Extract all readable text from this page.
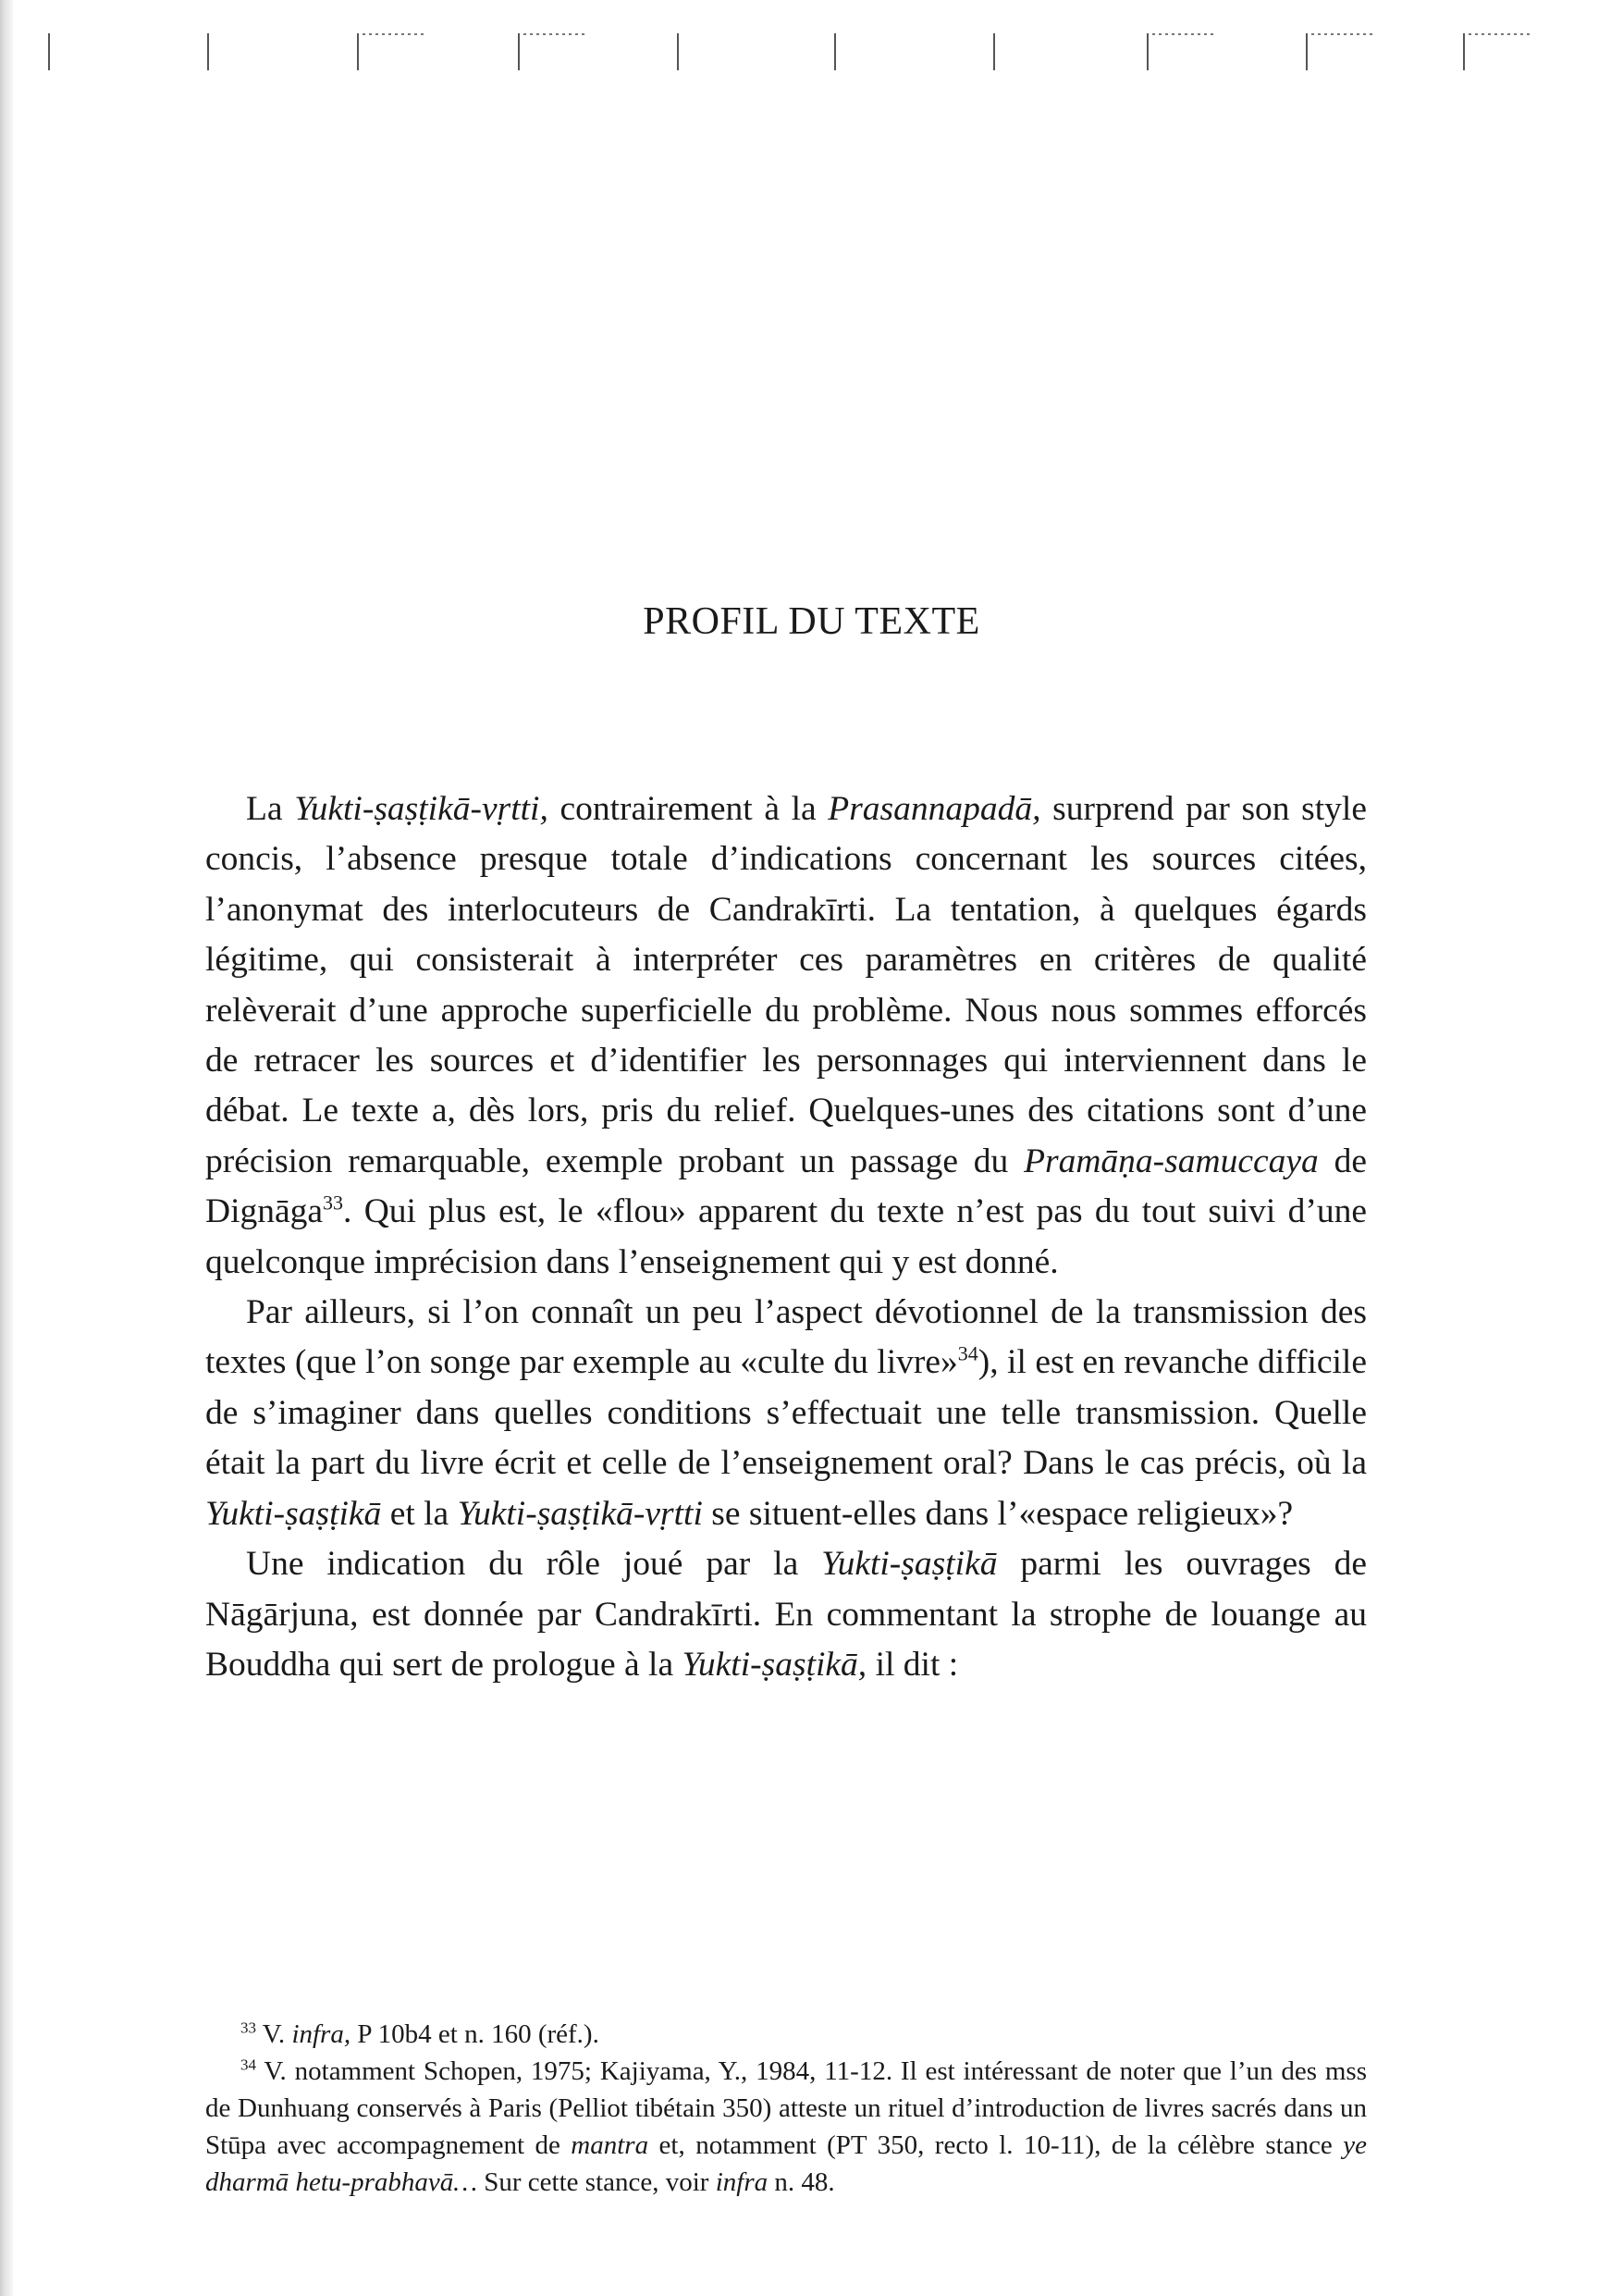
PROFIL DU TEXTE

La Yukti-ṣaṣṭikā-vṛtti, contrairement à la Prasannapadā, surprend par son style concis, l’absence presque totale d’indications concernant les sources citées, l’anonymat des interlocuteurs de Candrakīrti. La tentation, à quelques égards légitime, qui consisterait à interpréter ces paramètres en critères de qualité relèverait d’une approche superficielle du problème. Nous nous sommes efforcés de retracer les sources et d’identifier les personnages qui interviennent dans le débat. Le texte a, dès lors, pris du relief. Quelques-unes des citations sont d’une précision remarquable, exemple probant un passage du Pramāṇa-samuccaya de Dignāga$^{33}$. Qui plus est, le «flou» apparent du texte n’est pas du tout suivi d’une quelconque imprécision dans l’enseignement qui y est donné.

Par ailleurs, si l’on connaît un peu l’aspect dévotionnel de la transmission des textes (que l’on songe par exemple au «culte du livre»$^{34}$), il est en revanche difficile de s’imaginer dans quelles conditions s’effectuait une telle transmission. Quelle était la part du livre écrit et celle de l’enseignement oral? Dans le cas précis, où la Yukti-ṣaṣṭikā et la Yukti-ṣaṣṭikā-vṛtti se situent-elles dans l’«espace religieux»?

Une indication du rôle joué par la Yukti-ṣaṣṭikā parmi les ouvrages de Nāgārjuna, est donnée par Candrakīrti. En commentant la strophe de louange au Bouddha qui sert de prologue à la Yukti-ṣaṣṭikā, il dit :

$^{33}$ V. infra, P 10b4 et n. 160 (réf.).

$^{34}$ V. notamment Schopen, 1975; Kajiyama, Y., 1984, 11-12. Il est intéressant de noter que l’un des mss de Dunhuang conservés à Paris (Pelliot tibétain 350) atteste un rituel d’introduction de livres sacrés dans un Stūpa avec accompagnement de mantra et, notamment (PT 350, recto l. 10-11), de la célèbre stance ye dharmā hetu-prabhavā… Sur cette stance, voir infra n. 48.
